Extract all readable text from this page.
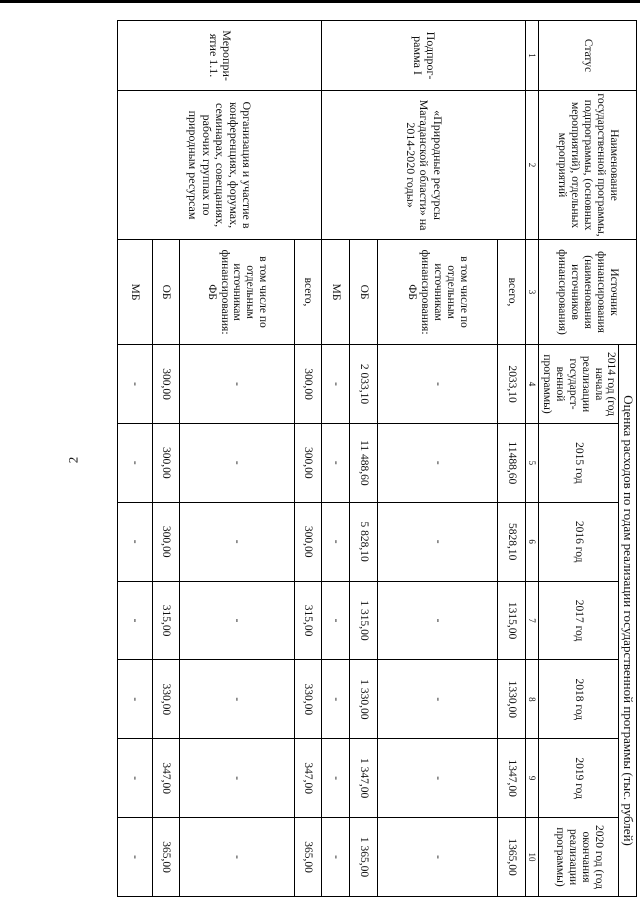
2
Статус	Наименование государственной программы, подпрограммы, (основных мероприятий), отдельных мероприятий	Источник финансирования (наименования источников финансирования)	Оценка расходов по годам реализации государственной программы (тыс. рублей)						
			2014 год (год начала реализации государст-венной программы)	2015 год	2016 год	2017 год	2018 год	2019 год	2020 год (год окончания реализации программы)
1	2	3	4	5	6	7	8	9	10
Подпрог-рамма I	«Природные ресурсы Магаданской области» на 2014-2020 годы»	всего,	2033,10	11488,60	5828,10	1315,00	1330,00	1347,00	1365,00
		в том числе по отдельным источникам финансирования: ФБ	-	-	-	-	-	-	-
		ОБ	2 033,10	11 488,60	5 828,10	1 315,00	1 330,00	1 347,00	1 365,00
		МБ	-	-	-	-	-	-	-
Меропри-ятие 1.1.	Организация и участие в конференциях, форумах, семинарах, совещаниях, рабочих группах по природным ресурсам	всего,	300,00	300,00	300,00	315,00	330,00	347,00	365,00
		в том числе по отдельным источникам финансирования: ФБ	-	-	-	-	-	-	-
		ОБ	300,00	300,00	300,00	315,00	330,00	347,00	365,00
		МБ	-	-	-	-	-	-	-
